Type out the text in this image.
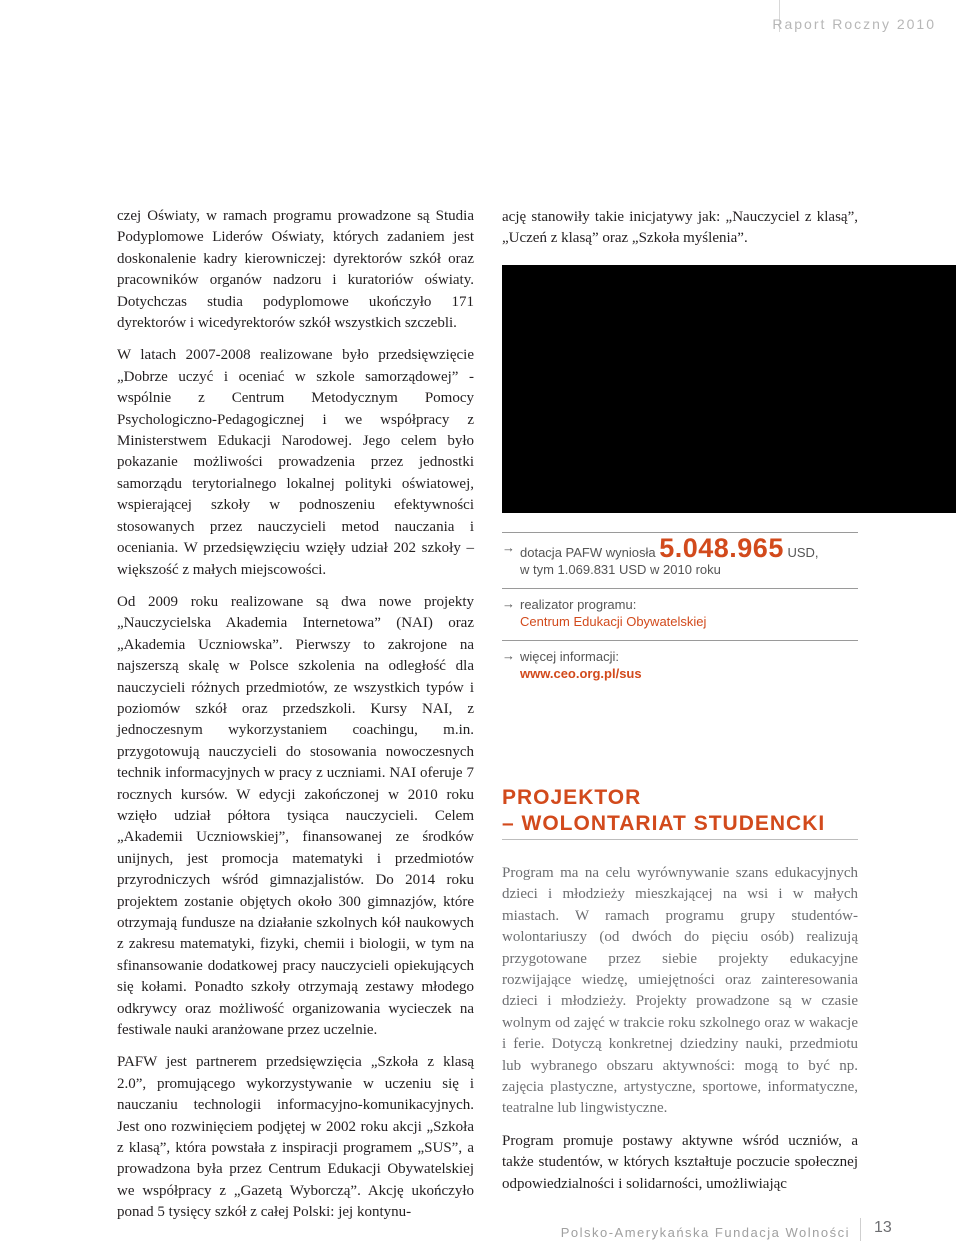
Raport Roczny 2010

czej Oświaty, w ramach programu prowadzone są Studia Podyplomowe Liderów Oświaty, których zadaniem jest doskonalenie kadry kierowniczej: dyrektorów szkół oraz pracowników organów nadzoru i kuratoriów oświaty. Dotychczas studia podyplomowe ukończyło 171 dyrektorów i wicedyrektorów szkół wszystkich szczebli.

W latach 2007-2008 realizowane było przedsięwzięcie „Dobrze uczyć i oceniać w szkole samorządowej” - wspólnie z Centrum Metodycznym Pomocy Psychologiczno-Pedagogicznej i we współpracy z Ministerstwem Edukacji Narodowej. Jego celem było pokazanie możliwości prowadzenia przez jednostki samorządu terytorialnego lokalnej polityki oświatowej, wspierającej szkoły w podnoszeniu efektywności stosowanych przez nauczycieli metod nauczania i oceniania. W przedsięwzięciu wzięły udział 202 szkoły – większość z małych miejscowości.

Od 2009 roku realizowane są dwa nowe projekty „Nauczycielska Akademia Internetowa” (NAI) oraz „Akademia Uczniowska”. Pierwszy to zakrojone na najszerszą skalę w Polsce szkolenia na odległość dla nauczycieli różnych przedmiotów, ze wszystkich typów i poziomów szkół oraz przedszkoli. Kursy NAI, z jednoczesnym wykorzystaniem coachingu, m.in. przygotowują nauczycieli do stosowania nowoczesnych technik informacyjnych w pracy z uczniami. NAI oferuje 7 rocznych kursów. W edycji zakończonej w 2010 roku wzięło udział półtora tysiąca nauczycieli. Celem „Akademii Uczniowskiej”, finansowanej ze środków unijnych, jest promocja matematyki i przedmiotów przyrodniczych wśród gimnazjalistów. Do 2014 roku projektem zostanie objętych około 300 gimnazjów, które otrzymają fundusze na działanie szkolnych kół naukowych z zakresu matematyki, fizyki, chemii i biologii, w tym na sfinansowanie dodatkowej pracy nauczycieli opiekujących się kołami. Ponadto szkoły otrzymają zestawy młodego odkrywcy oraz możliwość organizowania wycieczek na festiwale nauki aranżowane przez uczelnie.

PAFW jest partnerem przedsięwzięcia „Szkoła z klasą 2.0”, promującego wykorzystywanie w uczeniu się i nauczaniu technologii informacyjno-komunikacyjnych. Jest ono rozwinięciem podjętej w 2002 roku akcji „Szkoła z klasą”, która powstała z inspiracji programem „SUS”, a prowadzona była przez Centrum Edukacji Obywatelskiej we współpracy z „Gazetą Wyborczą”. Akcję ukończyło ponad 5 tysięcy szkół z całej Polski: jej kontynu-

ację stanowiły takie inicjatywy jak: „Nauczyciel z klasą”, „Uczeń z klasą” oraz „Szkoła myślenia”.

→ dotacja PAFW wyniosła 5.048.965 USD,
w tym 1.069.831 USD w 2010 roku
→ realizator programu:
Centrum Edukacji Obywatelskiej
→ więcej informacji:
www.ceo.org.pl/sus
PROJEKTOR
– WOLONTARIAT STUDENCKI

Program ma na celu wyrównywanie szans edukacyjnych dzieci i młodzieży mieszkającej na wsi i w małych miastach. W ramach programu grupy studentów-wolontariuszy (od dwóch do pięciu osób) realizują przygotowane przez siebie projekty edukacyjne rozwijające wiedzę, umiejętności oraz zainteresowania dzieci i młodzieży. Projekty prowadzone są w czasie wolnym od zajęć w trakcie roku szkolnego oraz w wakacje i ferie. Dotyczą konkretnej dziedziny nauki, przedmiotu lub wybranego obszaru aktywności: mogą to być np. zajęcia plastyczne, artystyczne, sportowe, informatyczne, teatralne lub lingwistyczne.

Program promuje postawy aktywne wśród uczniów, a także studentów, w których kształtuje poczucie społecznej odpowiedzialności i solidarności, umożliwiając

Polsko-Amerykańska Fundacja Wolności 13
